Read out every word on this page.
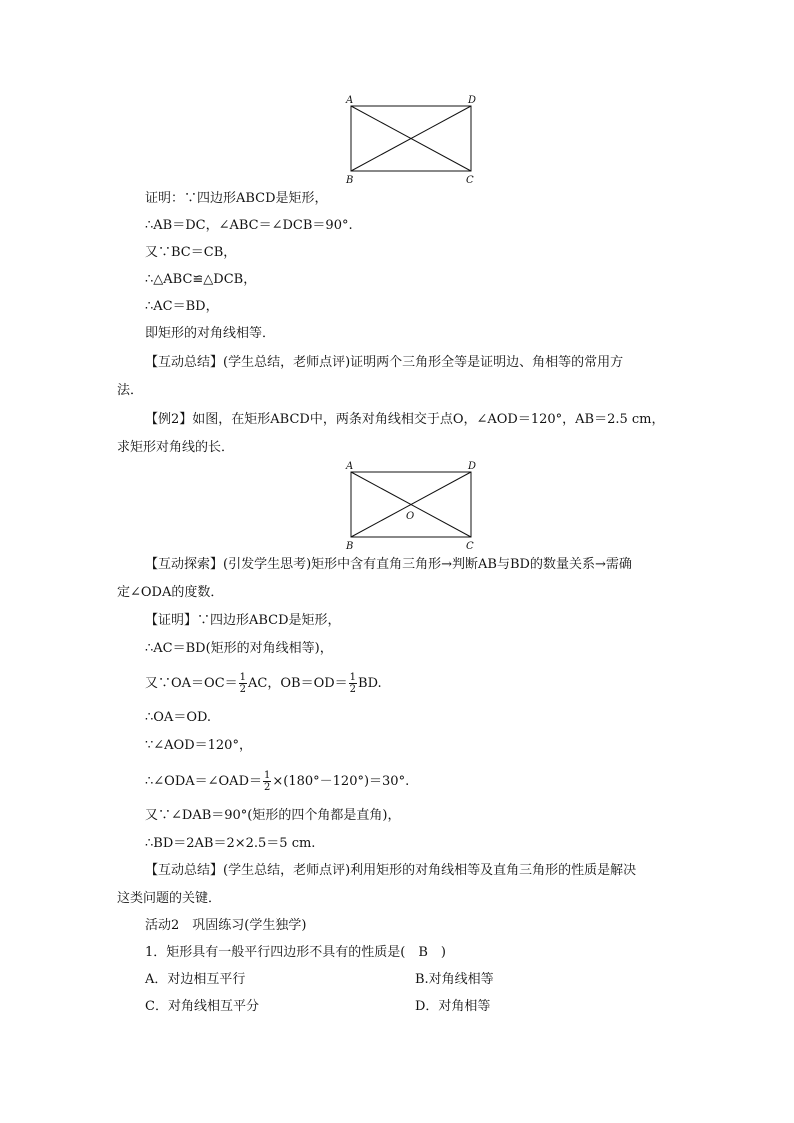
A	D
B	C
证明：∵四边形ABCD是矩形，
∴AB＝DC，∠ABC＝∠DCB＝90°.
又∵BC＝CB，
∴△ABC≌△DCB，
∴AC＝BD，
即矩形的对角线相等．
【互动总结】(学生总结，老师点评)证明两个三角形全等是证明边、角相等的常用方
法．
【例2】如图，在矩形ABCD中，两条对角线相交于点O，∠AOD＝120°，AB＝2.5 cm，
求矩形对角线的长．
A	D
B	C
O
【互动探索】(引发学生思考)矩形中含有直角三角形→判断AB与BD的数量关系→需确
定∠ODA的度数．
【证明】∵四边形ABCD是矩形，
∴AC＝BD(矩形的对角线相等)，
又∵OA＝OC＝ $\frac{1}{2}$ AC，$OB=OD= \frac{1}{2}$ BD.
∴OA＝OD.
∵∠AOD＝120°，
∴∠ODA＝∠OAD＝ $\frac{1}{2} \times(180^\circ-120^\circ)=30^\circ$.
又∵∠DAB＝90°(矩形的四个角都是直角)，
∴BD＝2AB＝2×2.5＝5 cm.
【互动总结】(学生总结，老师点评)利用矩形的对角线相等及直角三角形的性质是解决
这类问题的关键．
活动2　巩固练习(学生独学)
1．矩形具有一般平行四边形不具有的性质是(　B　)
A．对边相互平行	B.对角线相等
C．对角线相互平分	D．对角相等
